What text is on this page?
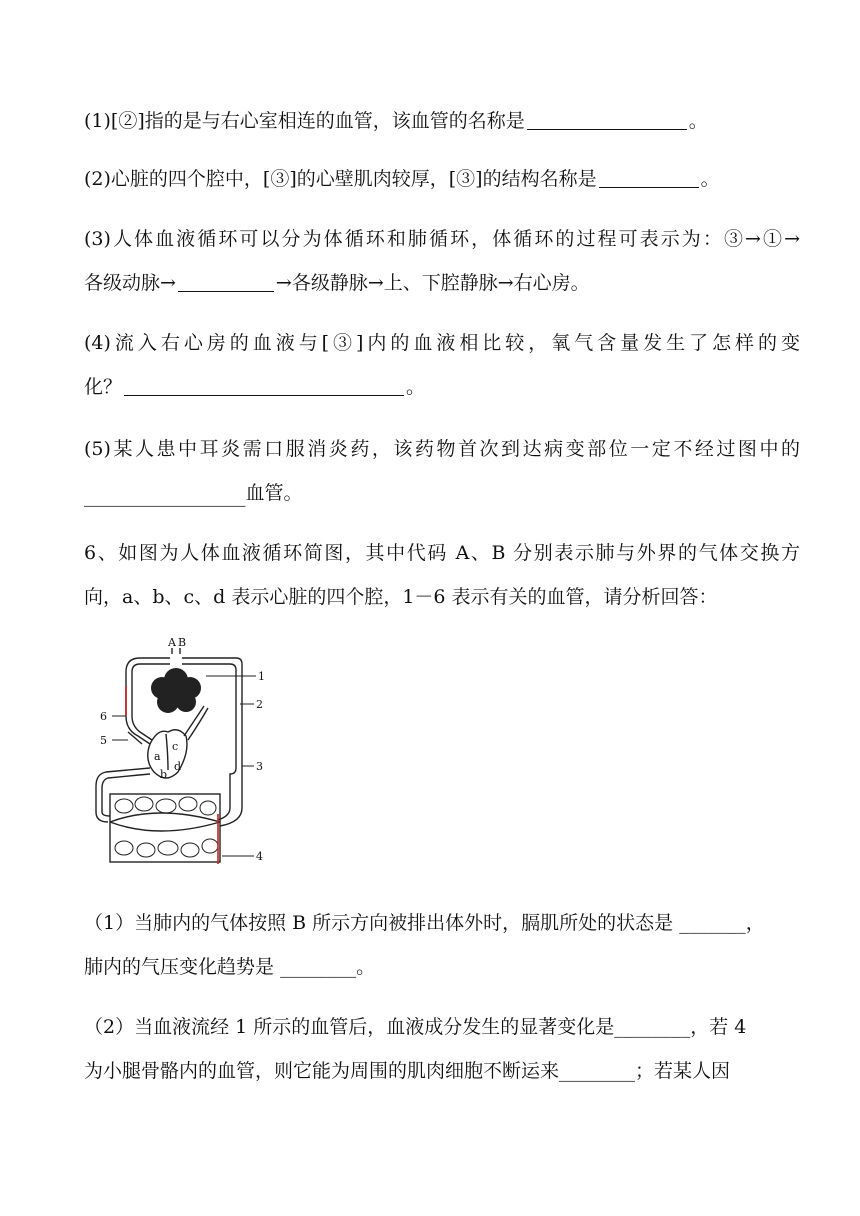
(1)[②]指的是与右心室相连的血管，该血管的名称是	。
(2)心脏的四个腔中，[③]的心壁肌肉较厚，[③]的结构名称是	。
(3)人体血液循环可以分为体循环和肺循环，体循环的过程可表示为：③→①→
各级动脉→	→各级静脉→上、下腔静脉→右心房。
(4)流入右心房的血液与[③]内的血液相比较，氧气含量发生了怎样的变
化？	。
(5)某人患中耳炎需口服消炎药，该药物首次到达病变部位一定不经过图中的
_________________血管。
6、如图为人体血液循环简图，其中代码 A、B 分别表示肺与外界的气体交换方
向，a、b、c、d 表示心脏的四个腔，1－6 表示有关的血管，请分析回答：
A B
1
2
3
4
5
6
a
b
c
d
（1）当肺内的气体按照 B 所示方向被排出体外时，膈肌所处的状态是 _______，
肺内的气压变化趋势是 ________。
（2）当血液流经 1 所示的血管后，血液成分发生的显著变化是________，若 4
为小腿骨骼内的血管，则它能为周围的肌肉细胞不断运来________；若某人因
